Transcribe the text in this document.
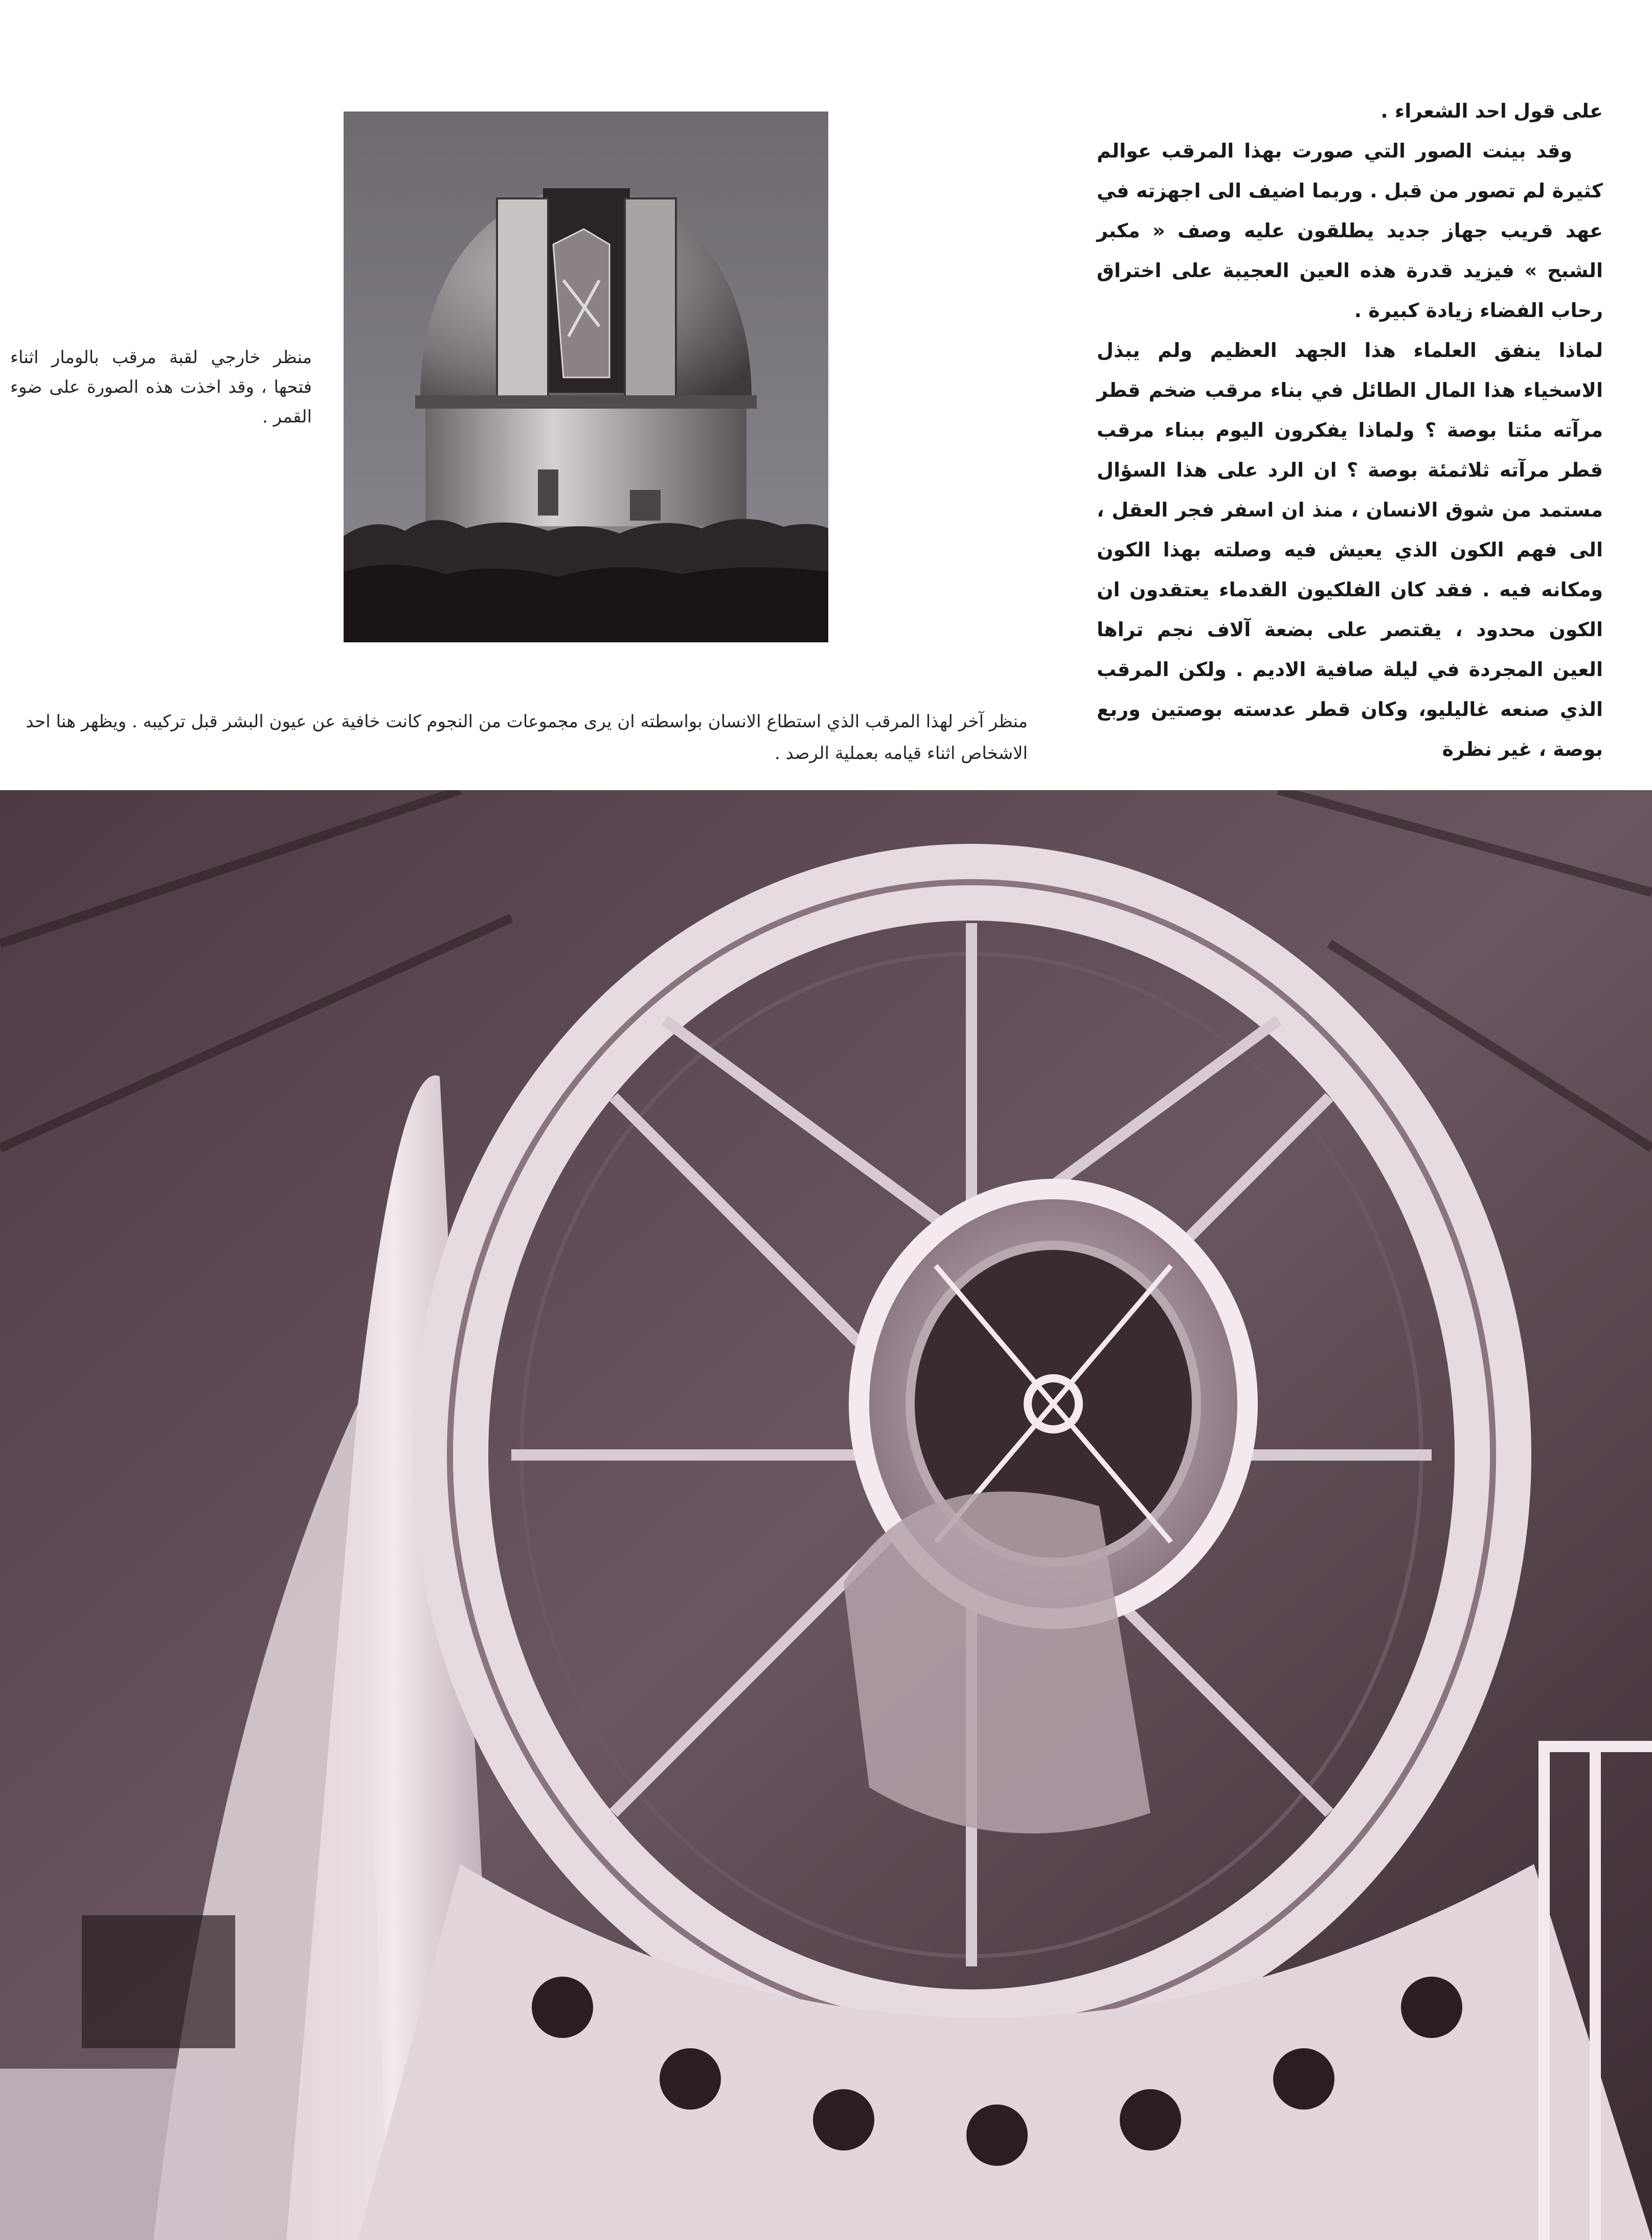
على قول احد الشعراء .

وقد بينت الصور التي صورت بهذا المرقب عوالم كثيرة لم تصور من قبل . وربما اضيف الى اجهزته في عهد قريب جهاز جديد يطلقون عليه وصف « مكبر الشبح » فيزيد قدرة هذه العين العجيبة على اختراق رحاب الفضاء زيادة كبيرة .

لماذا ينفق العلماء هذا الجهد العظيم ولم يبذل الاسخياء هذا المال الطائل في بناء مرقب ضخم قطر مرآته مئتا بوصة ؟ ولماذا يفكرون اليوم ببناء مرقب قطر مرآته ثلاثمئة بوصة ؟ ان الرد على هذا السؤال مستمد من شوق الانسان ، منذ ان اسفر فجر العقل ، الى فهم الكون الذي يعيش فيه وصلته بهذا الكون ومكانه فيه . فقد كان الفلكيون القدماء يعتقدون ان الكون محدود ، يقتصر على بضعة آلاف نجم تراها العين المجردة في ليلة صافية الاديم . ولكن المرقب الذي صنعه غاليليو، وكان قطر عدسته بوصتين وربع بوصة ، غير نظرة

منظر خارجي لقبة مرقب بالومار اثناء فتحها ، وقد اخذت هذه الصورة على ضوء القمر .

منظر آخر لهذا المرقب الذي استطاع الانسان بواسطته ان يرى مجموعات من النجوم كانت خافية عن عيون البشر قبل تركيبه . ويظهر هنا احد الاشخاص اثناء قيامه بعملية الرصد .
